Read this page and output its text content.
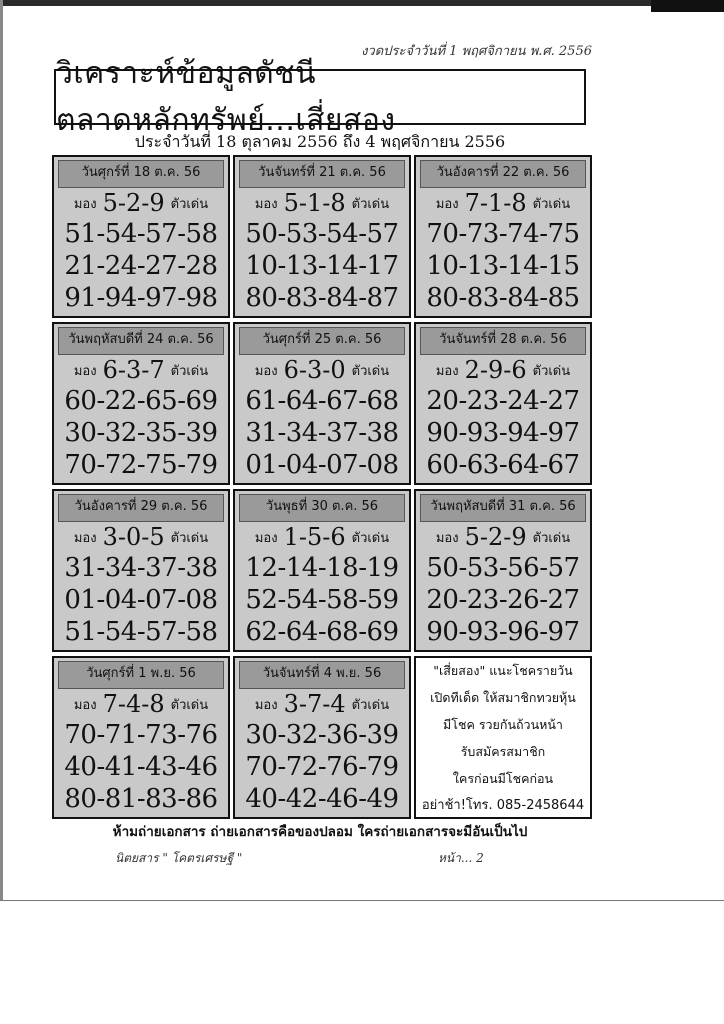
งวดประจำวันที่ 1 พฤศจิกายน พ.ศ. 2556
วิเคราะห์ข้อมูลดัชนีตลาดหลักทรัพย์...เสี่ยสอง
ประจำวันที่ 18 ตุลาคม 2556 ถึง 4 พฤศจิกายน 2556
วันศุกร์ที่ 18 ต.ค. 56
มอง 5-2-9 ตัวเด่น
51-54-57-58
21-24-27-28
91-94-97-98
วันจันทร์ที่ 21 ต.ค. 56
มอง 5-1-8 ตัวเด่น
50-53-54-57
10-13-14-17
80-83-84-87
วันอังคารที่ 22 ต.ค. 56
มอง 7-1-8 ตัวเด่น
70-73-74-75
10-13-14-15
80-83-84-85
วันพฤหัสบดีที่ 24 ต.ค. 56
มอง 6-3-7 ตัวเด่น
60-22-65-69
30-32-35-39
70-72-75-79
วันศุกร์ที่ 25 ต.ค. 56
มอง 6-3-0 ตัวเด่น
61-64-67-68
31-34-37-38
01-04-07-08
วันจันทร์ที่ 28 ต.ค. 56
มอง 2-9-6 ตัวเด่น
20-23-24-27
90-93-94-97
60-63-64-67
วันอังคารที่ 29 ต.ค. 56
มอง 3-0-5 ตัวเด่น
31-34-37-38
01-04-07-08
51-54-57-58
วันพุธที่ 30 ต.ค. 56
มอง 1-5-6 ตัวเด่น
12-14-18-19
52-54-58-59
62-64-68-69
วันพฤหัสบดีที่ 31 ต.ค. 56
มอง 5-2-9 ตัวเด่น
50-53-56-57
20-23-26-27
90-93-96-97
วันศุกร์ที่ 1 พ.ย. 56
มอง 7-4-8 ตัวเด่น
70-71-73-76
40-41-43-46
80-81-83-86
วันจันทร์ที่ 4 พ.ย. 56
มอง 3-7-4 ตัวเด่น
30-32-36-39
70-72-76-79
40-42-46-49
"เสี่ยสอง" แนะโชครายวัน
เปิดทีเด็ด ให้สมาชิกทวยหุ้น
มีโชค รวยกันถ้วนหน้า
รับสมัครสมาชิก
ใครก่อนมีโชคก่อน
อย่าช้า!โทร. 085-2458644
ห้ามถ่ายเอกสาร ถ่ายเอกสารคือของปลอม ใครถ่ายเอกสารจะมีอันเป็นไป
นิตยสาร " โคตรเศรษฐี "	หน้า... 2
